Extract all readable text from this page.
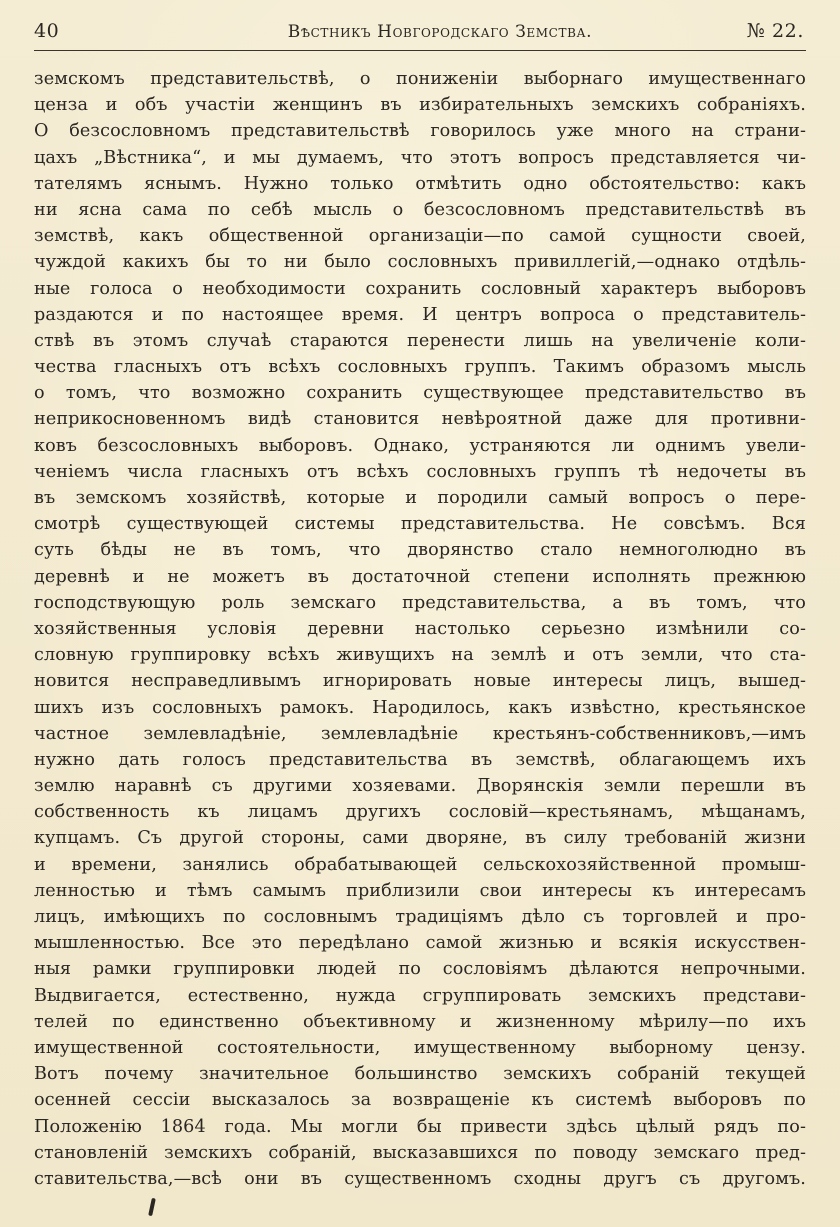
40	Вѣстникъ Новгородскаго Земства.	№ 22.
земскомъ представительствѣ, о пониженіи выборнаго имущественнаго
ценза и объ участіи женщинъ въ избирательныхъ земскихъ собраніяхъ.
О безсословномъ представительствѣ говорилось уже много на страни-
цахъ „Вѣстника“, и мы думаемъ, что этотъ вопросъ представляется чи-
тателямъ яснымъ. Нужно только отмѣтить одно обстоятельство: какъ
ни ясна сама по себѣ мысль о безсословномъ представительствѣ въ
земствѣ, какъ общественной организаціи—по самой сущности своей,
чуждой какихъ бы то ни было сословныхъ привиллегій,—однако отдѣль-
ные голоса о необходимости сохранить сословный характеръ выборовъ
раздаются и по настоящее время. И центръ вопроса о представитель-
ствѣ въ этомъ случаѣ стараются перенести лишь на увеличеніе коли-
чества гласныхъ отъ всѣхъ сословныхъ группъ. Такимъ образомъ мысль
о томъ, что возможно сохранить существующее представительство въ
неприкосновенномъ видѣ становится невѣроятной даже для противни-
ковъ безсословныхъ выборовъ. Однако, устраняются ли однимъ увели-
ченіемъ числа гласныхъ отъ всѣхъ сословныхъ группъ тѣ недочеты въ
въ земскомъ хозяйствѣ, которые и породили самый вопросъ о пере-
смотрѣ существующей системы представительства. Не совсѣмъ. Вся
суть бѣды не въ томъ, что дворянство стало немноголюдно въ
деревнѣ и не можетъ въ достаточной степени исполнять прежнюю
господствующую роль земскаго представительства, а въ томъ, что
хозяйственныя условія деревни настолько серьезно измѣнили со-
словную группировку всѣхъ живущихъ на землѣ и отъ земли, что ста-
новится несправедливымъ игнорировать новые интересы лицъ, вышед-
шихъ изъ сословныхъ рамокъ. Народилось, какъ извѣстно, крестьянское
частное землевладѣніе, землевладѣніе крестьянъ-собственниковъ,—имъ
нужно дать голосъ представительства въ земствѣ, облагающемъ ихъ
землю наравнѣ съ другими хозяевами. Дворянскія земли перешли въ
собственность къ лицамъ другихъ сословій—крестьянамъ, мѣщанамъ,
купцамъ. Съ другой стороны, сами дворяне, въ силу требованій жизни
и времени, занялись обрабатывающей сельскохозяйственной промыш-
ленностью и тѣмъ самымъ приблизили свои интересы къ интересамъ
лицъ, имѣющихъ по сословнымъ традиціямъ дѣло съ торговлей и про-
мышленностью. Все это передѣлано самой жизнью и всякія искусствен-
ныя рамки группировки людей по сословіямъ дѣлаются непрочными.
Выдвигается, естественно, нужда сгруппировать земскихъ представи-
телей по единственно объективному и жизненному мѣрилу—по ихъ
имущественной состоятельности, имущественному выборному цензу.
Вотъ почему значительное большинство земскихъ собраній текущей
осенней сессіи высказалось за возвращеніе къ системѣ выборовъ по
Положенію 1864 года. Мы могли бы привести здѣсь цѣлый рядъ по-
становленій земскихъ собраній, высказавшихся по поводу земскаго пред-
ставительства,—всѣ они въ существенномъ сходны другъ съ другомъ.
